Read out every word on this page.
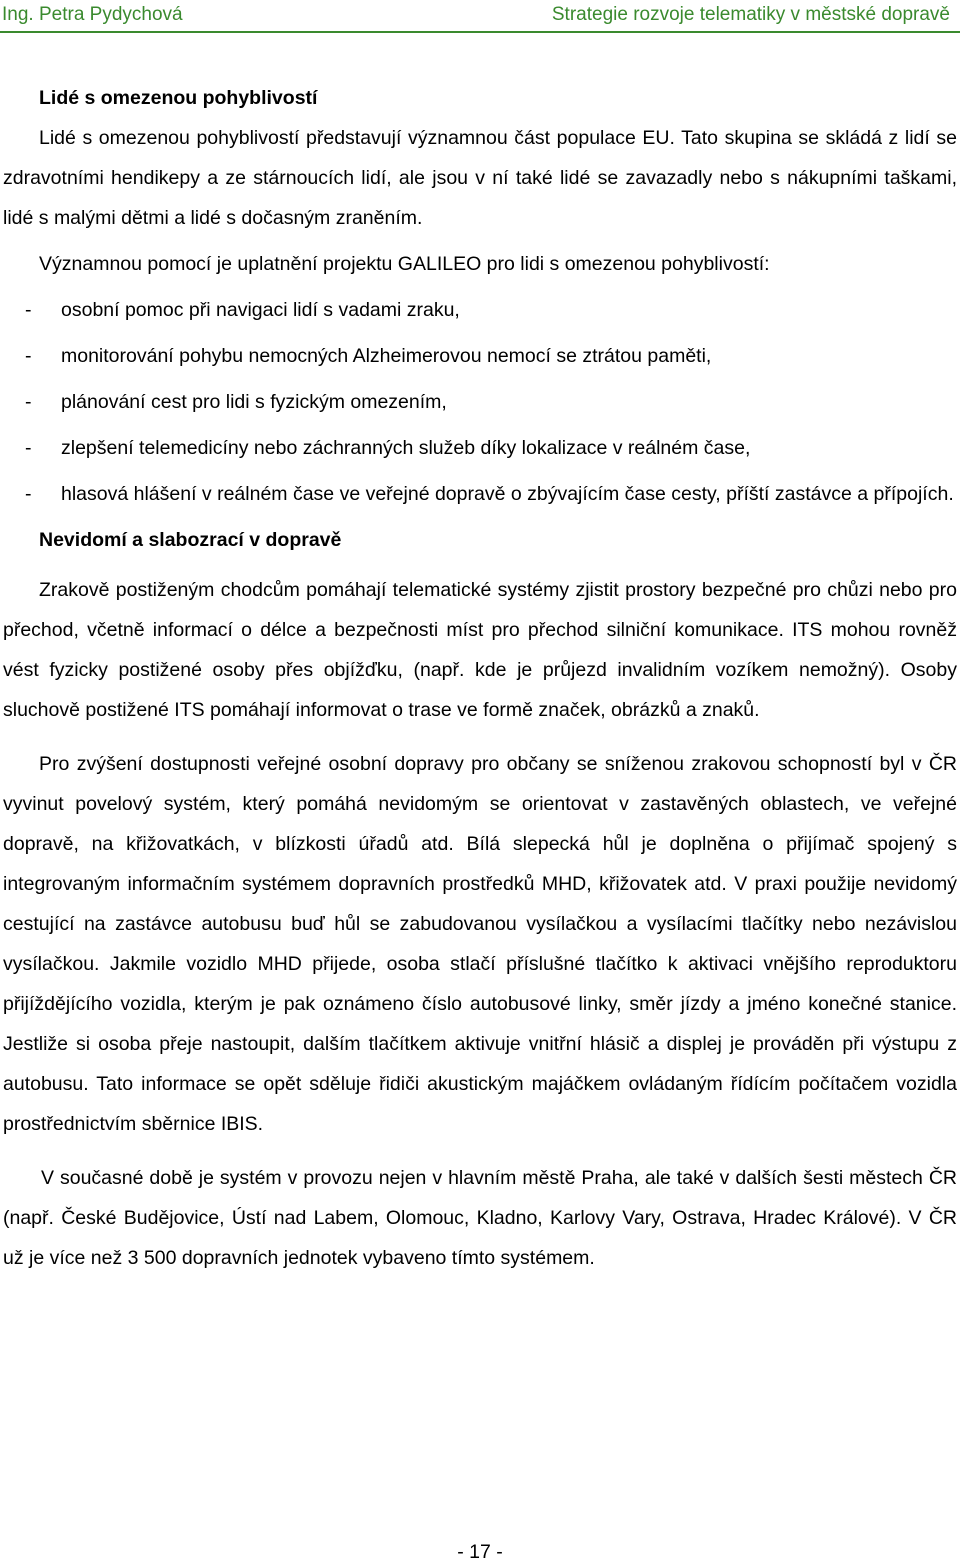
Ing. Petra Pydychová	Strategie rozvoje telematiky v městské dopravě

Lidé s omezenou pohyblivostí

Lidé s omezenou pohyblivostí představují významnou část populace EU. Tato skupina se skládá z lidí se zdravotními hendikepy a ze stárnoucích lidí, ale jsou v ní také lidé se zavazadly nebo s nákupními taškami, lidé s malými dětmi a lidé s dočasným zraněním.

Významnou pomocí je uplatnění projektu GALILEO pro lidi s omezenou pohyblivostí:

- osobní pomoc při navigaci lidí s vadami zraku,
- monitorování pohybu nemocných Alzheimerovou nemocí se ztrátou paměti,
- plánování cest pro lidi s fyzickým omezením,
- zlepšení telemedicíny nebo záchranných služeb díky lokalizace v reálném čase,
- hlasová hlášení v reálném čase ve veřejné dopravě o zbývajícím čase cesty, příští zastávce a přípojích.

Nevidomí a slabozrací v dopravě

Zrakově postiženým chodcům pomáhají telematické systémy zjistit prostory bezpečné pro chůzi nebo pro přechod, včetně informací o délce a bezpečnosti míst pro přechod silniční komunikace. ITS mohou rovněž vést fyzicky postižené osoby přes objížďku, (např. kde je průjezd invalidním vozíkem nemožný). Osoby sluchově postižené ITS pomáhají informovat o trase ve formě značek, obrázků a znaků.

Pro zvýšení dostupnosti veřejné osobní dopravy pro občany se sníženou zrakovou schopností byl v ČR vyvinut povelový systém, který pomáhá nevidomým se orientovat v zastavěných oblastech, ve veřejné dopravě, na křižovatkách, v blízkosti úřadů atd. Bílá slepecká hůl je doplněna o přijímač spojený s integrovaným informačním systémem dopravních prostředků MHD, křižovatek atd. V praxi použije nevidomý cestující na zastávce autobusu buď hůl se zabudovanou vysílačkou a vysílacími tlačítky nebo nezávislou vysílačkou. Jakmile vozidlo MHD přijede, osoba stlačí příslušné tlačítko k aktivaci vnějšího reproduktoru přijíždějícího vozidla, kterým je pak oznámeno číslo autobusové linky, směr jízdy a jméno konečné stanice. Jestliže si osoba přeje nastoupit, dalším tlačítkem aktivuje vnitřní hlásič a displej je prováděn při výstupu z autobusu. Tato informace se opět sděluje řidiči akustickým majáčkem ovládaným řídícím počítačem vozidla prostřednictvím sběrnice IBIS.

V současné době je systém v provozu nejen v hlavním městě Praha, ale také v dalších šesti městech ČR (např. České Budějovice, Ústí nad Labem, Olomouc, Kladno, Karlovy Vary, Ostrava, Hradec Králové). V ČR už je více než 3 500 dopravních jednotek vybaveno tímto systémem.

- 17 -
